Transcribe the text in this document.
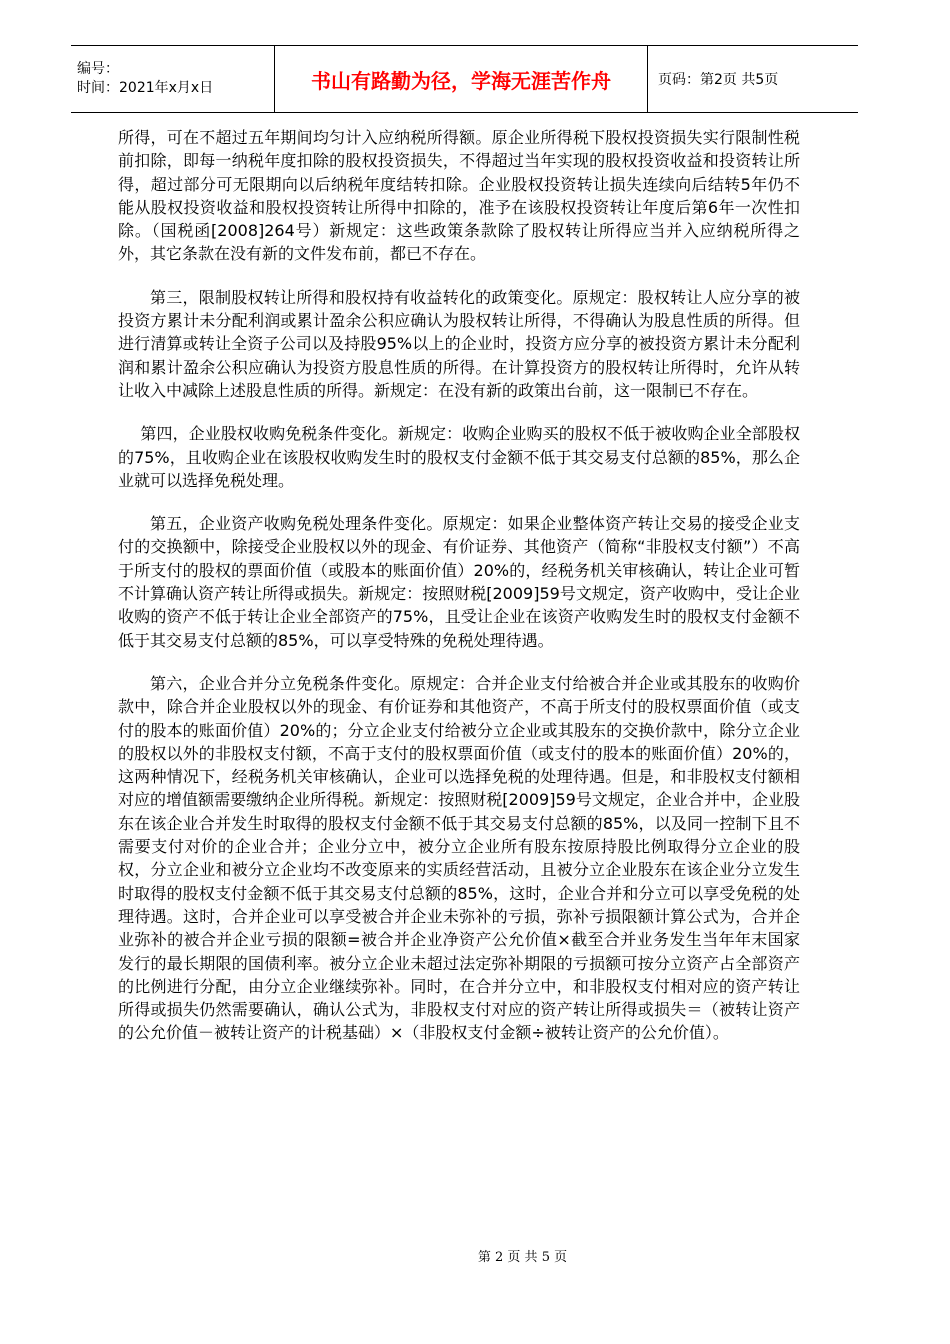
编号：
时间：2021年x月x日	书山有路勤为径，学海无涯苦作舟	页码：第2页 共5页

所得，可在不超过五年期间均匀计入应纳税所得额。原企业所得税下股权投资损失实行限制性税前扣除，即每一纳税年度扣除的股权投资损失，不得超过当年实现的股权投资收益和投资转让所得，超过部分可无限期向以后纳税年度结转扣除。企业股权投资转让损失连续向后结转5年仍不能从股权投资收益和股权投资转让所得中扣除的，准予在该股权投资转让年度后第6年一次性扣除。（国税函[2008]264号）新规定：这些政策条款除了股权转让所得应当并入应纳税所得之外，其它条款在没有新的文件发布前，都已不存在。

第三，限制股权转让所得和股权持有收益转化的政策变化。原规定：股权转让人应分享的被投资方累计未分配利润或累计盈余公积应确认为股权转让所得，不得确认为股息性质的所得。但进行清算或转让全资子公司以及持股95%以上的企业时，投资方应分享的被投资方累计未分配利润和累计盈余公积应确认为投资方股息性质的所得。在计算投资方的股权转让所得时，允许从转让收入中减除上述股息性质的所得。新规定：在没有新的政策出台前，这一限制已不存在。

第四，企业股权收购免税条件变化。新规定：收购企业购买的股权不低于被收购企业全部股权的75%，且收购企业在该股权收购发生时的股权支付金额不低于其交易支付总额的85%，那么企业就可以选择免税处理。

第五，企业资产收购免税处理条件变化。原规定：如果企业整体资产转让交易的接受企业支付的交换额中，除接受企业股权以外的现金、有价证券、其他资产（简称“非股权支付额”）不高于所支付的股权的票面价值（或股本的账面价值）20%的，经税务机关审核确认，转让企业可暂不计算确认资产转让所得或损失。新规定：按照财税[2009]59号文规定，资产收购中，受让企业收购的资产不低于转让企业全部资产的75%，且受让企业在该资产收购发生时的股权支付金额不低于其交易支付总额的85%，可以享受特殊的免税处理待遇。

第六，企业合并分立免税条件变化。原规定：合并企业支付给被合并企业或其股东的收购价款中，除合并企业股权以外的现金、有价证券和其他资产，不高于所支付的股权票面价值（或支付的股本的账面价值）20%的；分立企业支付给被分立企业或其股东的交换价款中，除分立企业的股权以外的非股权支付额，不高于支付的股权票面价值（或支付的股本的账面价值）20%的，这两种情况下，经税务机关审核确认，企业可以选择免税的处理待遇。但是，和非股权支付额相对应的增值额需要缴纳企业所得税。新规定：按照财税[2009]59号文规定，企业合并中，企业股东在该企业合并发生时取得的股权支付金额不低于其交易支付总额的85%，以及同一控制下且不需要支付对价的企业合并；企业分立中，被分立企业所有股东按原持股比例取得分立企业的股权，分立企业和被分立企业均不改变原来的实质经营活动，且被分立企业股东在该企业分立发生时取得的股权支付金额不低于其交易支付总额的85%，这时，企业合并和分立可以享受免税的处理待遇。这时，合并企业可以享受被合并企业未弥补的亏损，弥补亏损限额计算公式为，合并企业弥补的被合并企业亏损的限额=被合并企业净资产公允价值×截至合并业务发生当年年末国家发行的最长期限的国债利率。被分立企业未超过法定弥补期限的亏损额可按分立资产占全部资产的比例进行分配，由分立企业继续弥补。同时，在合并分立中，和非股权支付相对应的资产转让所得或损失仍然需要确认，确认公式为，非股权支付对应的资产转让所得或损失＝（被转让资产的公允价值－被转让资产的计税基础）×（非股权支付金额÷被转让资产的公允价值）。

第 2 页 共 5 页
